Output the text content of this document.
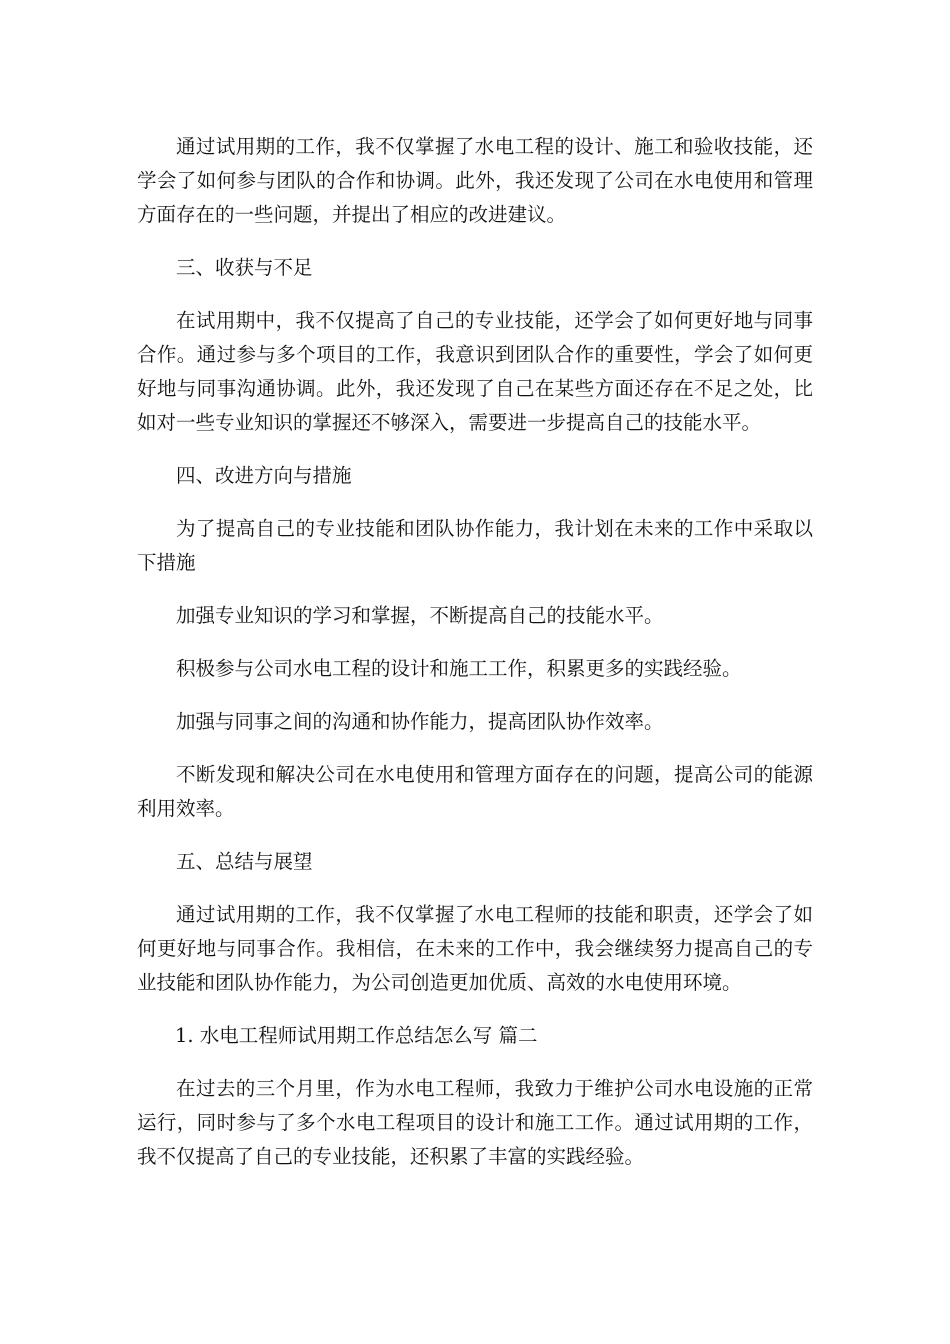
通过试用期的工作，我不仅掌握了水电工程的设计、施工和验收技能，还学会了如何参与团队的合作和协调。此外，我还发现了公司在水电使用和管理方面存在的一些问题，并提出了相应的改进建议。

三、收获与不足

在试用期中，我不仅提高了自己的专业技能，还学会了如何更好地与同事合作。通过参与多个项目的工作，我意识到团队合作的重要性，学会了如何更好地与同事沟通协调。此外，我还发现了自己在某些方面还存在不足之处，比如对一些专业知识的掌握还不够深入，需要进一步提高自己的技能水平。

四、改进方向与措施

为了提高自己的专业技能和团队协作能力，我计划在未来的工作中采取以下措施

加强专业知识的学习和掌握，不断提高自己的技能水平。

积极参与公司水电工程的设计和施工工作，积累更多的实践经验。

加强与同事之间的沟通和协作能力，提高团队协作效率。

不断发现和解决公司在水电使用和管理方面存在的问题，提高公司的能源利用效率。

五、总结与展望

通过试用期的工作，我不仅掌握了水电工程师的技能和职责，还学会了如何更好地与同事合作。我相信，在未来的工作中，我会继续努力提高自己的专业技能和团队协作能力，为公司创造更加优质、高效的水电使用环境。

1. 水电工程师试用期工作总结怎么写 篇二

在过去的三个月里，作为水电工程师，我致力于维护公司水电设施的正常运行，同时参与了多个水电工程项目的设计和施工工作。通过试用期的工作，我不仅提高了自己的专业技能，还积累了丰富的实践经验。
